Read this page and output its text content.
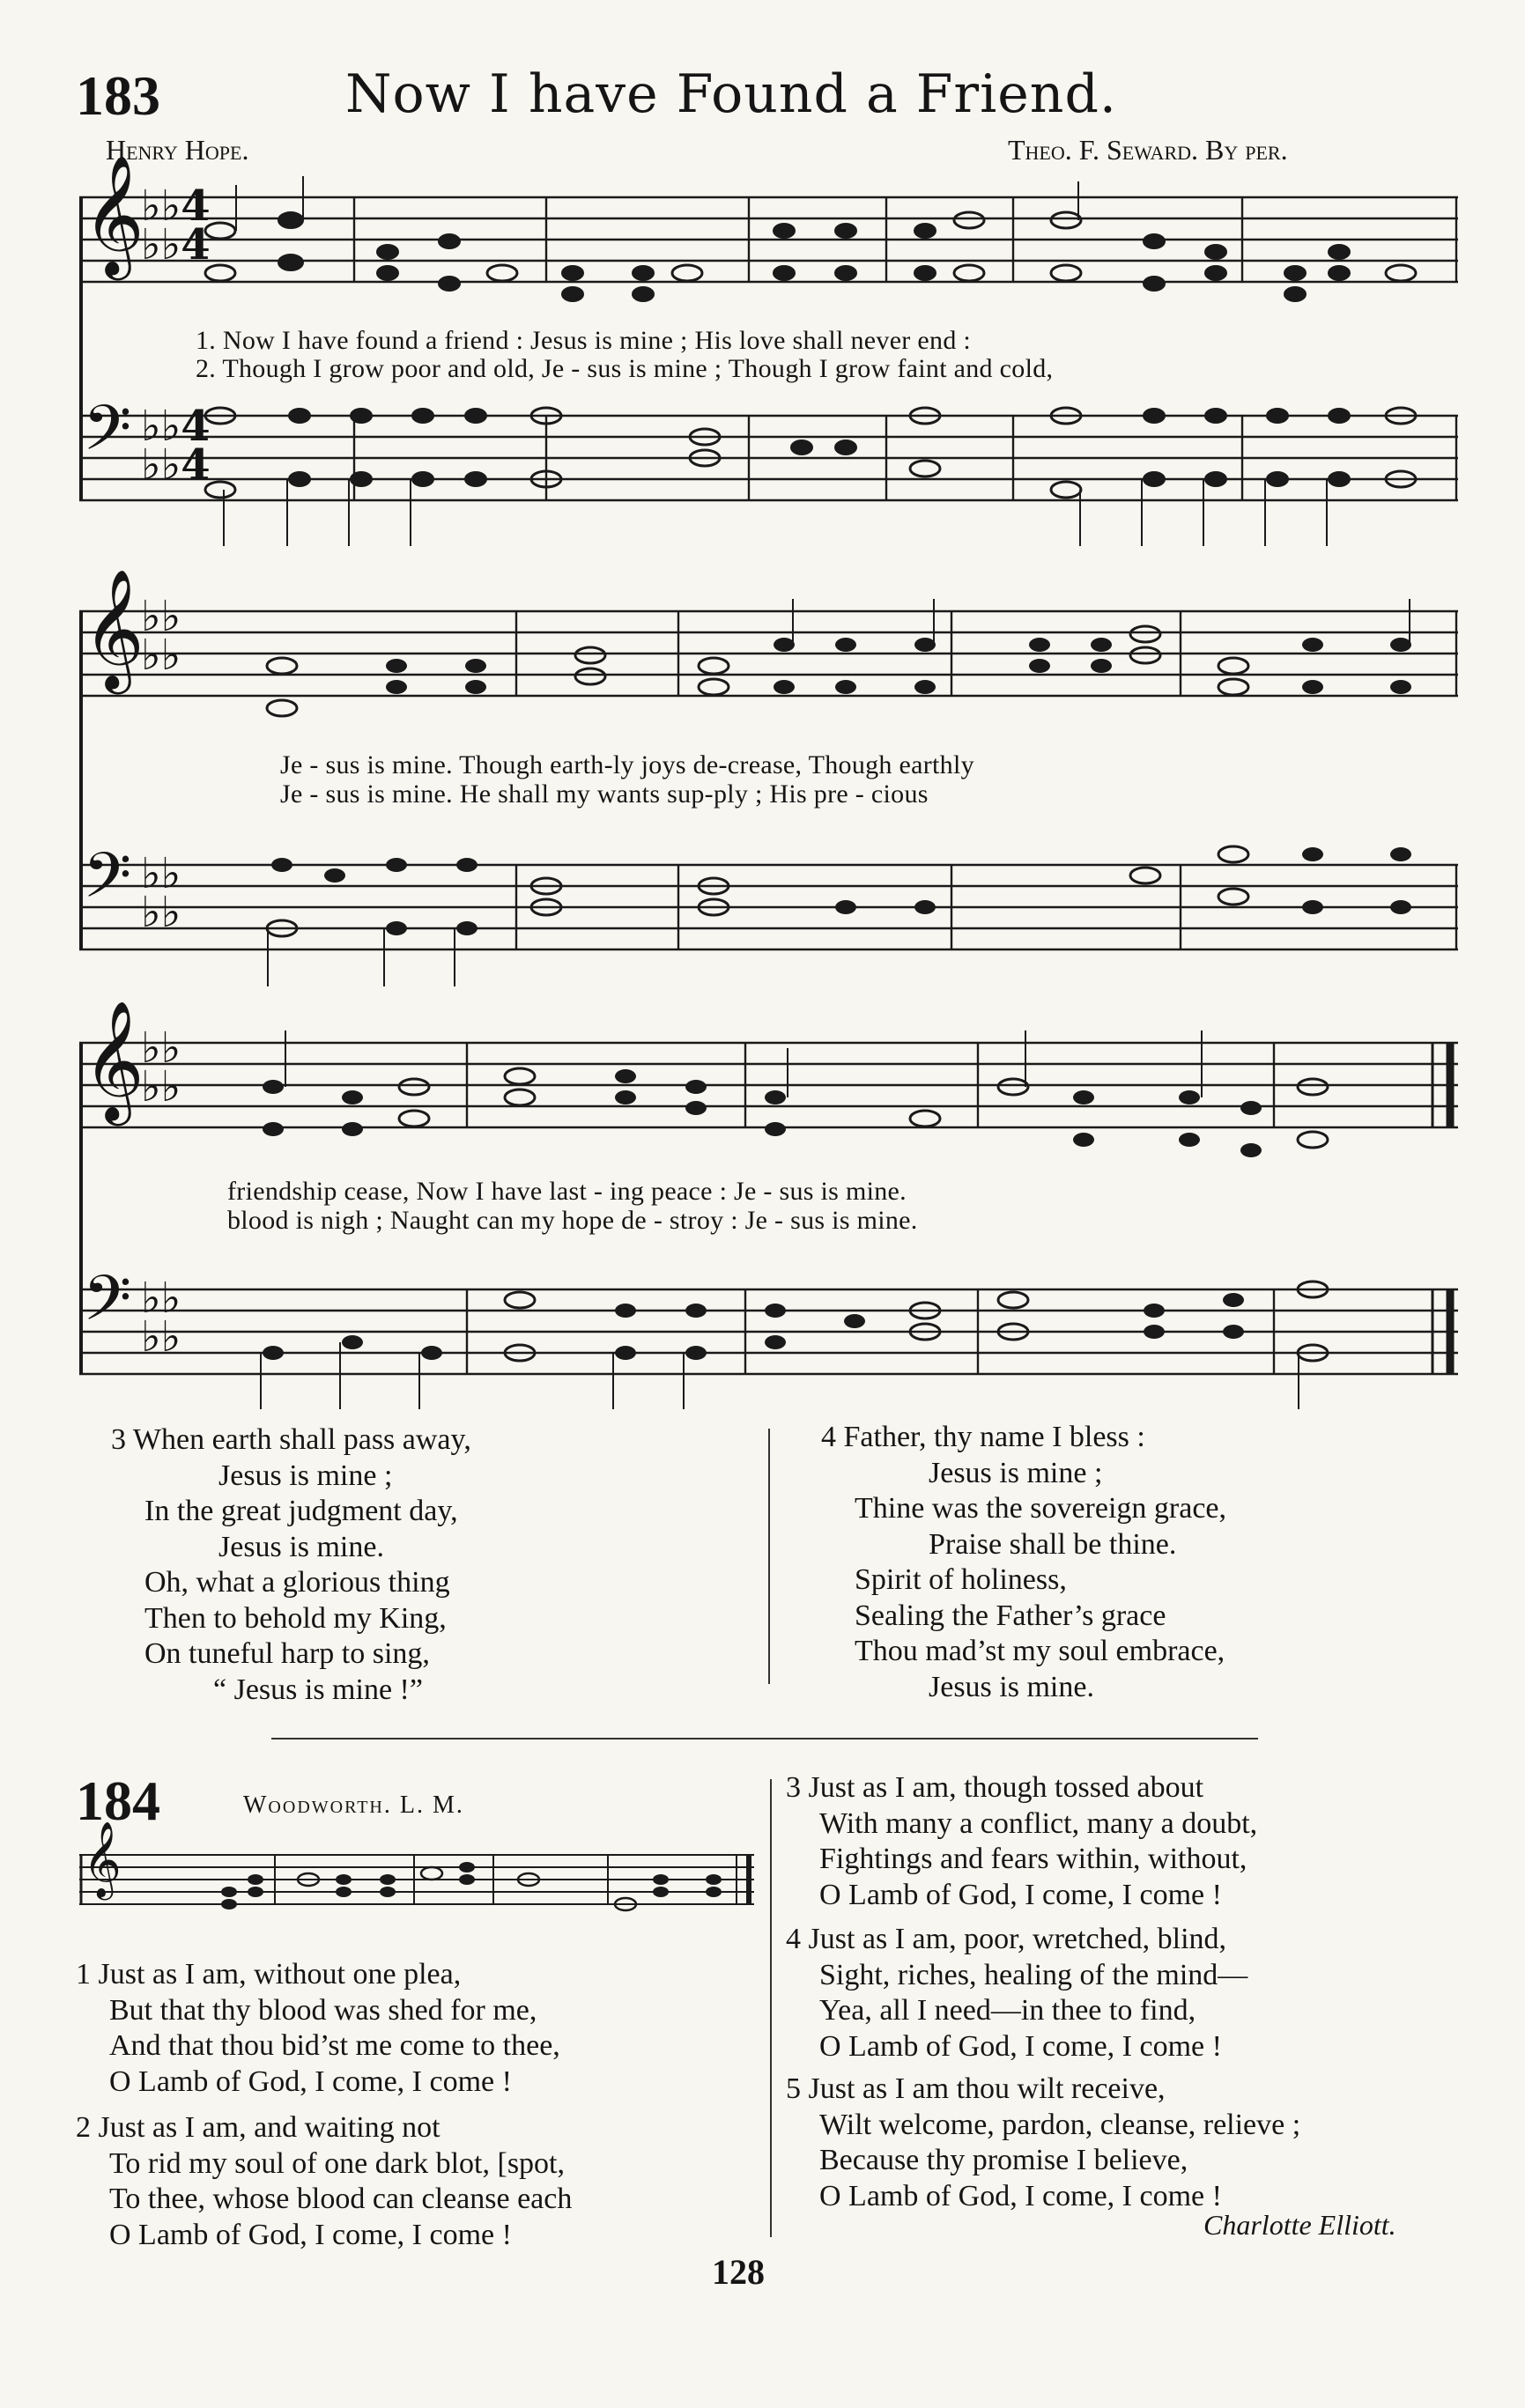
183	Now I have Found a Friend.
Henry Hope.	Theo. F. Seward. By per.
𝄞
𝄢
♭♭4
♭♭4
♭♭4
♭♭4
1. Now I have found a friend : Jesus is mine ; His love shall never end :
2. Though I grow poor and old, Je - sus is mine ; Though I grow faint and cold,
𝄞
𝄢
♭♭
♭♭
♭♭
♭♭
Je - sus is mine. Though earth-ly joys de-crease, Though earthly
Je - sus is mine. He shall my wants sup-ply ; His pre - cious
𝄞
𝄢
♭♭
♭♭
♭♭
♭♭
friendship cease, Now I have last - ing peace : Je - sus is mine.
blood is nigh ; Naught can my hope de - stroy : Je - sus is mine.
3 When earth shall pass away,
Jesus is mine ;
In the great judgment day,
Jesus is mine.
Oh, what a glorious thing
Then to behold my King,
On tuneful harp to sing,
“ Jesus is mine !”
4 Father, thy name I bless :
Jesus is mine ;
Thine was the sovereign grace,
Praise shall be thine.
Spirit of holiness,
Sealing the Father’s grace
Thou mad’st my soul embrace,
Jesus is mine.
184	Woodworth. L. M.
𝄞
1 Just as I am, without one plea,
But that thy blood was shed for me,
And that thou bid’st me come to thee,
O Lamb of God, I come, I come !
2 Just as I am, and waiting not
To rid my soul of one dark blot, [spot,
To thee, whose blood can cleanse each
O Lamb of God, I come, I come !
3 Just as I am, though tossed about
With many a conflict, many a doubt,
Fightings and fears within, without,
O Lamb of God, I come, I come !
4 Just as I am, poor, wretched, blind,
Sight, riches, healing of the mind—
Yea, all I need—in thee to find,
O Lamb of God, I come, I come !
5 Just as I am thou wilt receive,
Wilt welcome, pardon, cleanse, relieve ;
Because thy promise I believe,
O Lamb of God, I come, I come !
Charlotte Elliott.
128
